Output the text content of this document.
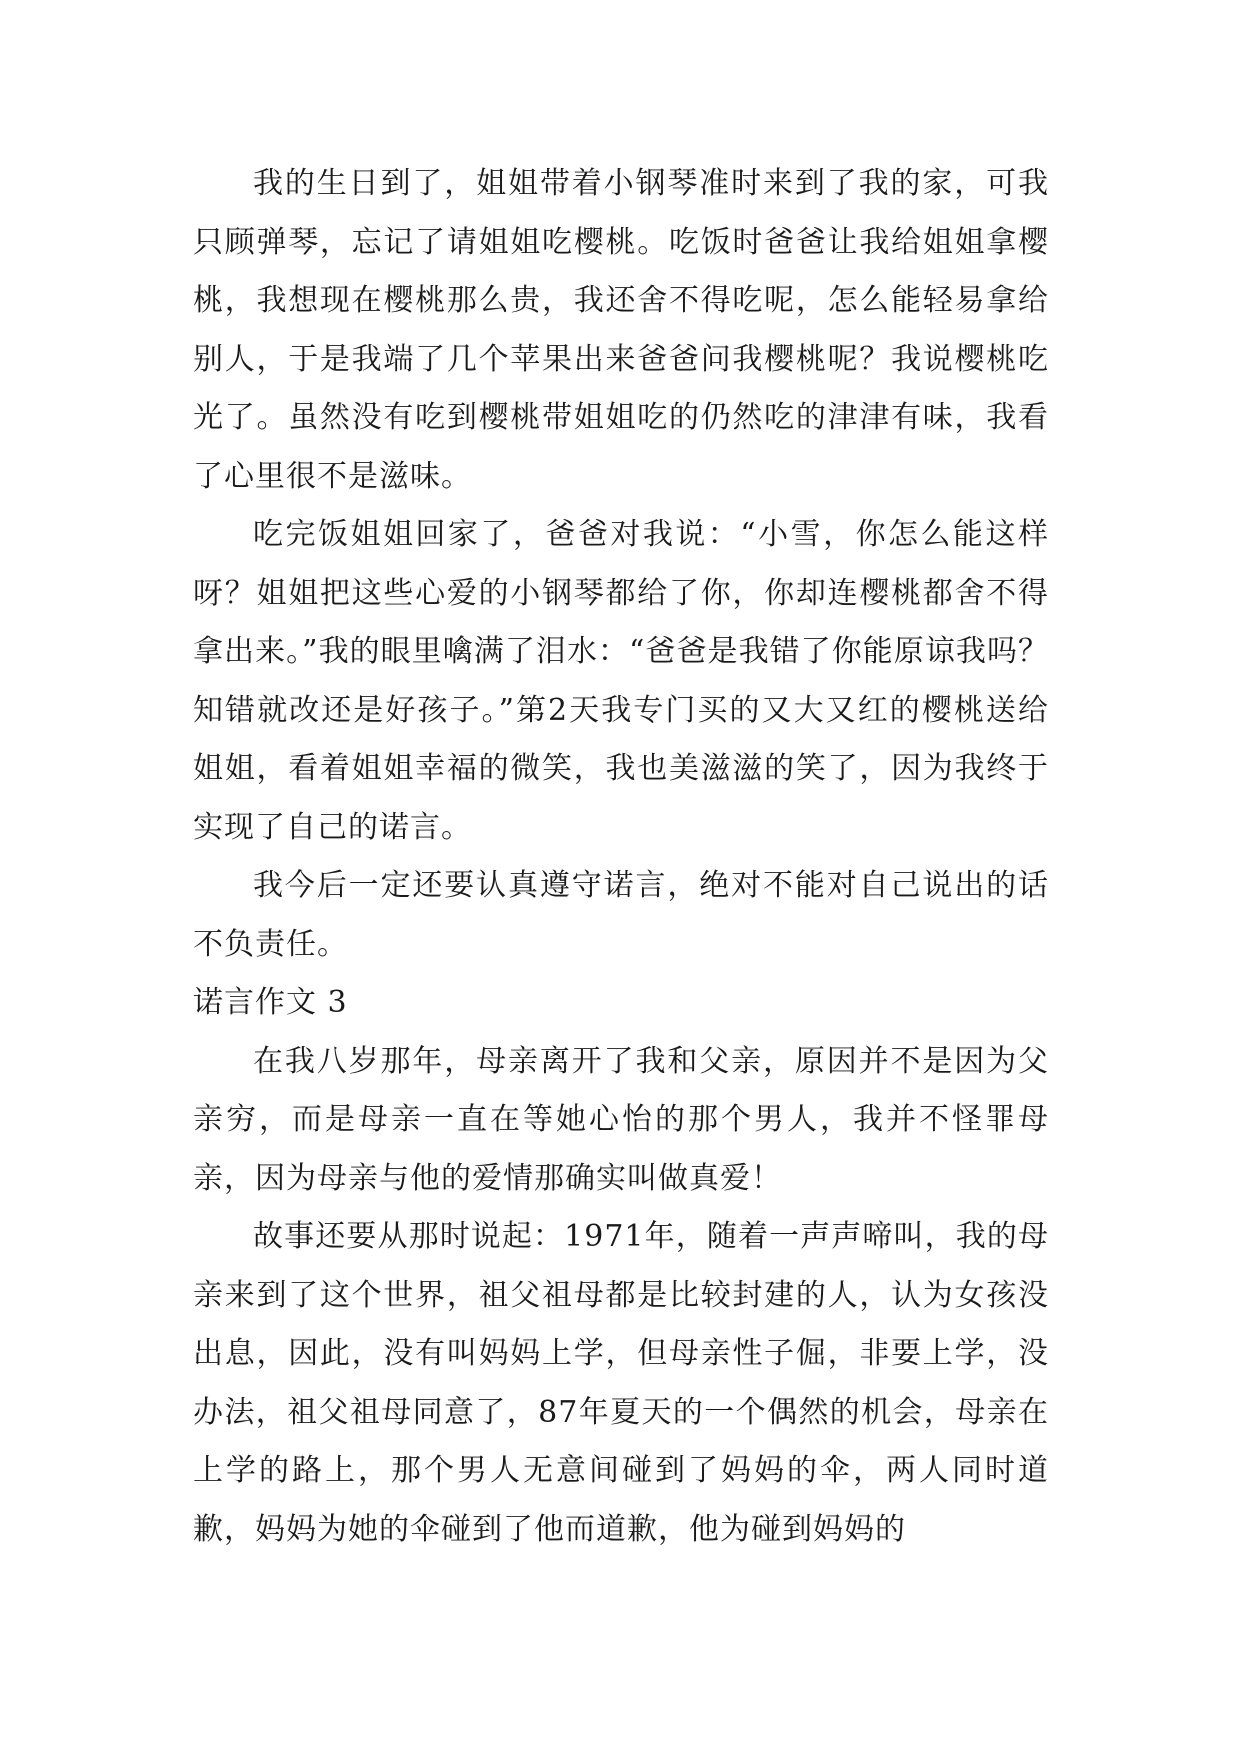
我的生日到了，姐姐带着小钢琴准时来到了我的家，可我只顾弹琴，忘记了请姐姐吃樱桃。吃饭时爸爸让我给姐姐拿樱桃，我想现在樱桃那么贵，我还舍不得吃呢，怎么能轻易拿给别人，于是我端了几个苹果出来爸爸问我樱桃呢？我说樱桃吃光了。虽然没有吃到樱桃带姐姐吃的仍然吃的津津有味，我看了心里很不是滋味。

吃完饭姐姐回家了，爸爸对我说：“小雪，你怎么能这样呀？姐姐把这些心爱的小钢琴都给了你，你却连樱桃都舍不得拿出来。”我的眼里噙满了泪水：“爸爸是我错了你能原谅我吗？知错就改还是好孩子。”第2天我专门买的又大又红的樱桃送给姐姐，看着姐姐幸福的微笑，我也美滋滋的笑了，因为我终于实现了自己的诺言。

我今后一定还要认真遵守诺言，绝对不能对自己说出的话不负责任。

诺言作文 3

在我八岁那年，母亲离开了我和父亲，原因并不是因为父亲穷，而是母亲一直在等她心怡的那个男人，我并不怪罪母亲，因为母亲与他的爱情那确实叫做真爱！

故事还要从那时说起：1971年，随着一声声啼叫，我的母亲来到了这个世界，祖父祖母都是比较封建的人，认为女孩没出息，因此，没有叫妈妈上学，但母亲性子倔，非要上学，没办法，祖父祖母同意了，87年夏天的一个偶然的机会，母亲在上学的路上，那个男人无意间碰到了妈妈的伞，两人同时道歉，妈妈为她的伞碰到了他而道歉，他为碰到妈妈的
